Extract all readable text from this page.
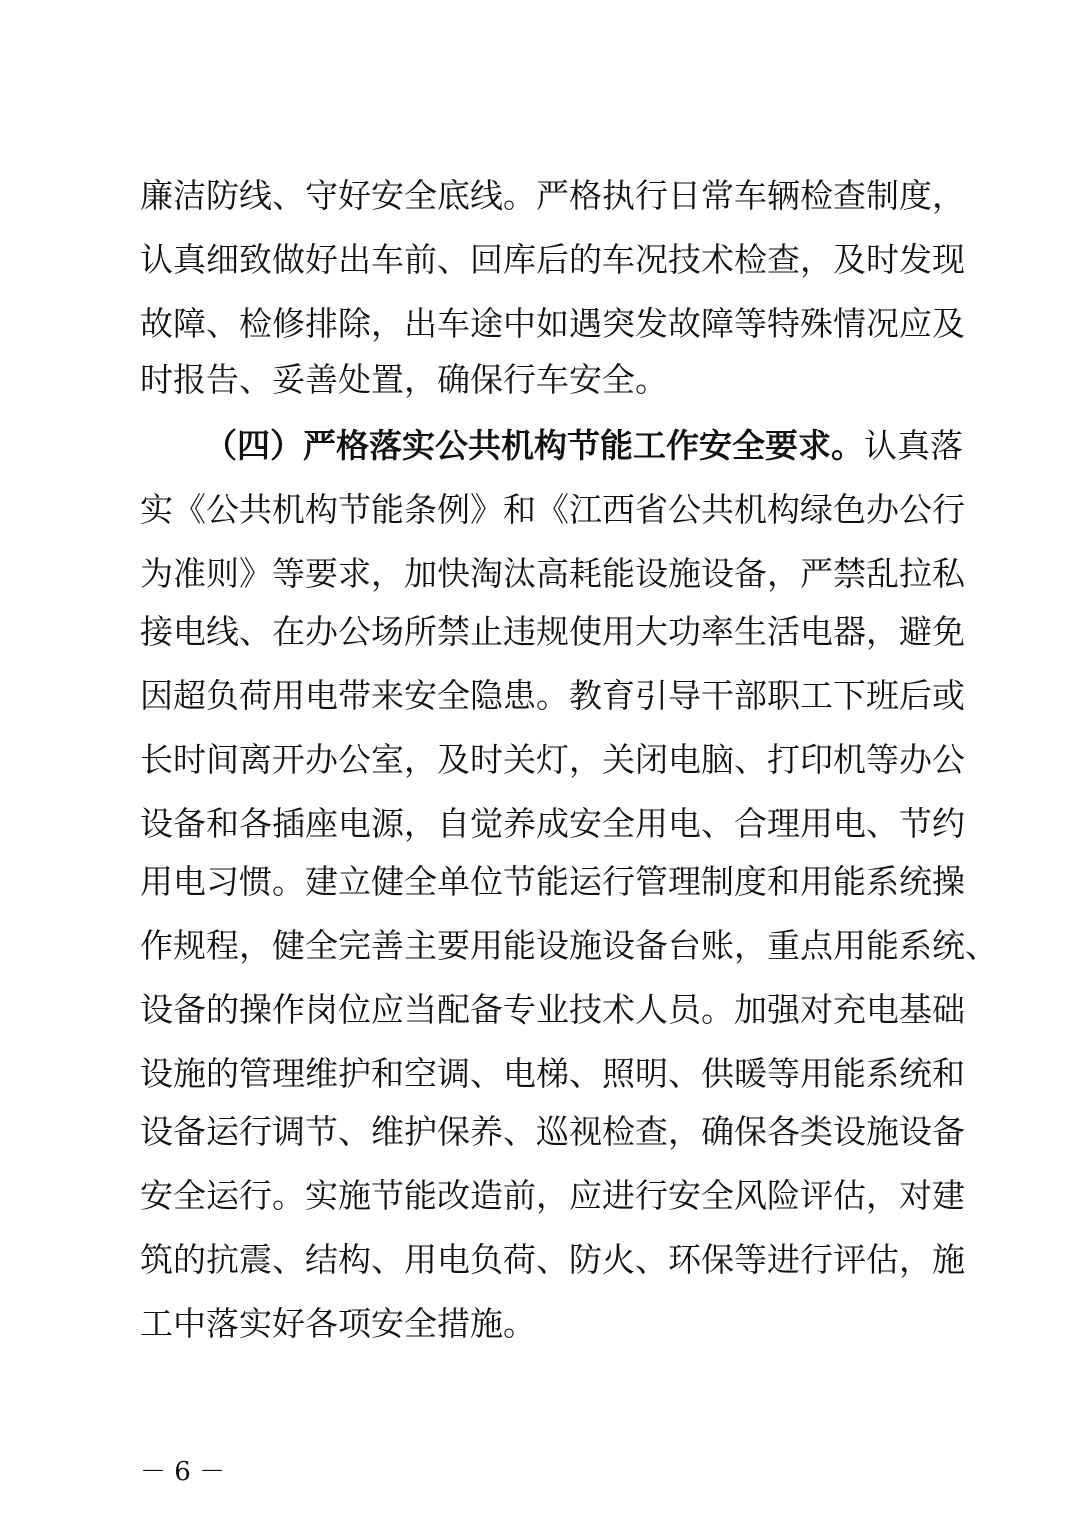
廉洁防线、守好安全底线。严格执行日常车辆检查制度，
认真细致做好出车前、回库后的车况技术检查，及时发现
故障、检修排除，出车途中如遇突发故障等特殊情况应及
时报告、妥善处置，确保行车安全。
（四）严格落实公共机构节能工作安全要求。认真落
实《公共机构节能条例》和《江西省公共机构绿色办公行
为准则》等要求，加快淘汰高耗能设施设备，严禁乱拉私
接电线、在办公场所禁止违规使用大功率生活电器，避免
因超负荷用电带来安全隐患。教育引导干部职工下班后或
长时间离开办公室，及时关灯，关闭电脑、打印机等办公
设备和各插座电源，自觉养成安全用电、合理用电、节约
用电习惯。建立健全单位节能运行管理制度和用能系统操
作规程，健全完善主要用能设施设备台账，重点用能系统、
设备的操作岗位应当配备专业技术人员。加强对充电基础
设施的管理维护和空调、电梯、照明、供暖等用能系统和
设备运行调节、维护保养、巡视检查，确保各类设施设备
安全运行。实施节能改造前，应进行安全风险评估，对建
筑的抗震、结构、用电负荷、防火、环保等进行评估，施
工中落实好各项安全措施。
－ 6 －
